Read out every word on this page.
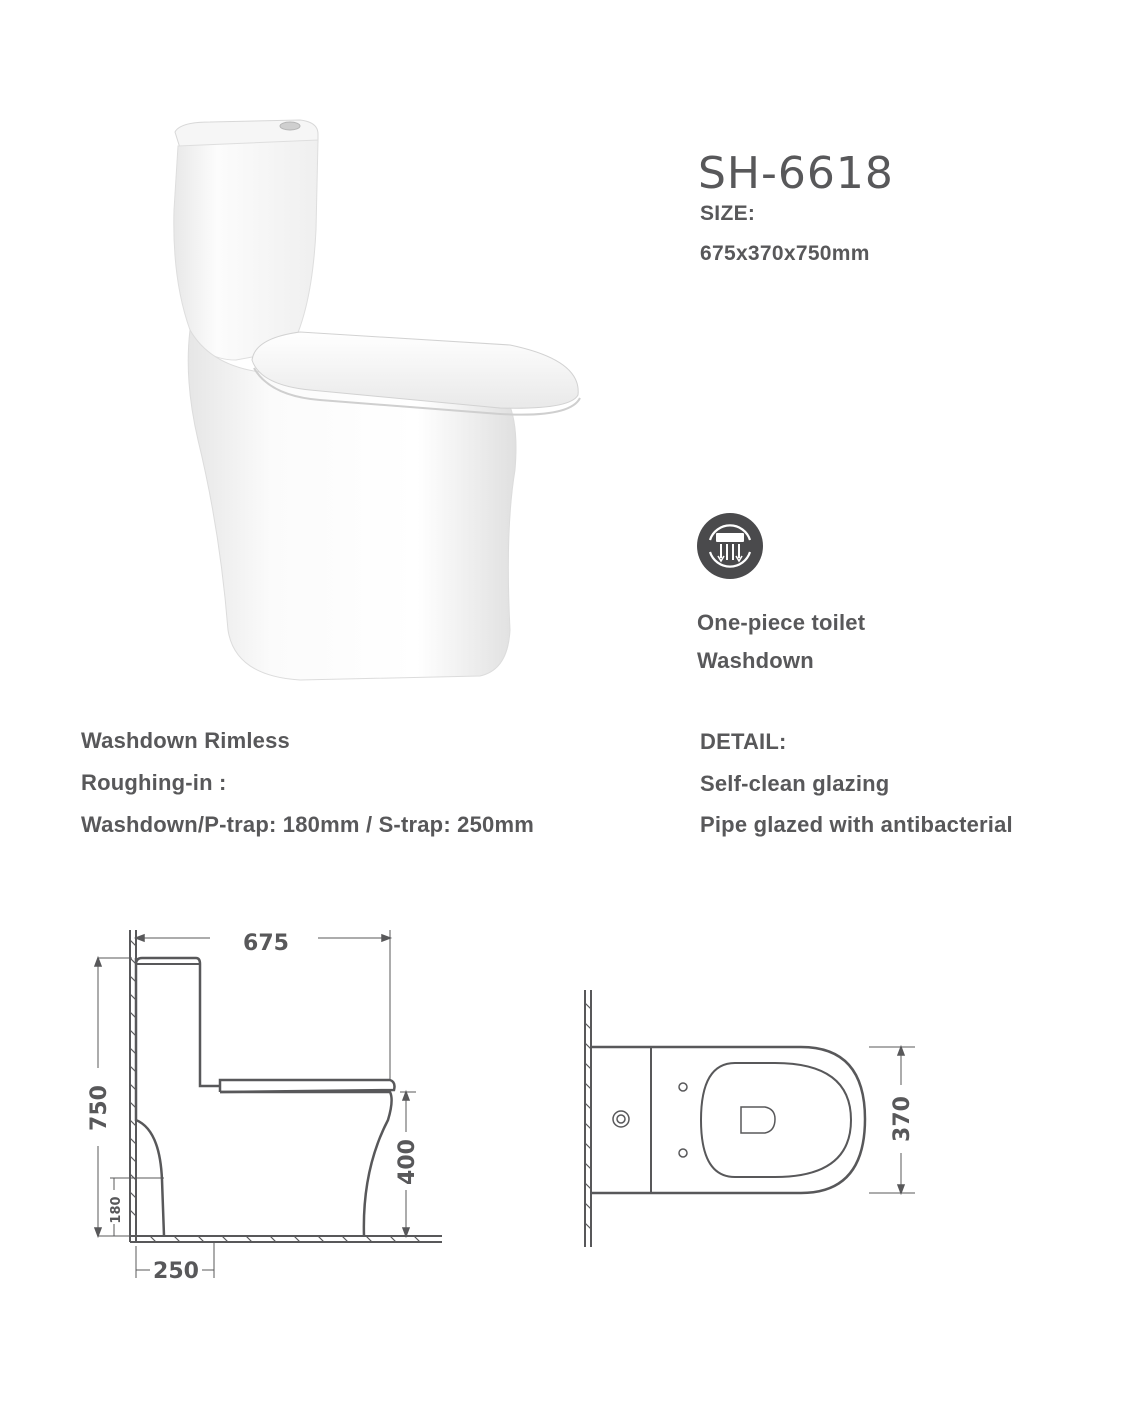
SH-6618
SIZE:
675x370x750mm
One-piece toilet
Washdown
Washdown Rimless
Roughing-in :
Washdown/P-trap: 180mm / S-trap: 250mm
DETAIL:
Self-clean glazing
Pipe glazed with antibacterial
675
750
400
180
250
370
